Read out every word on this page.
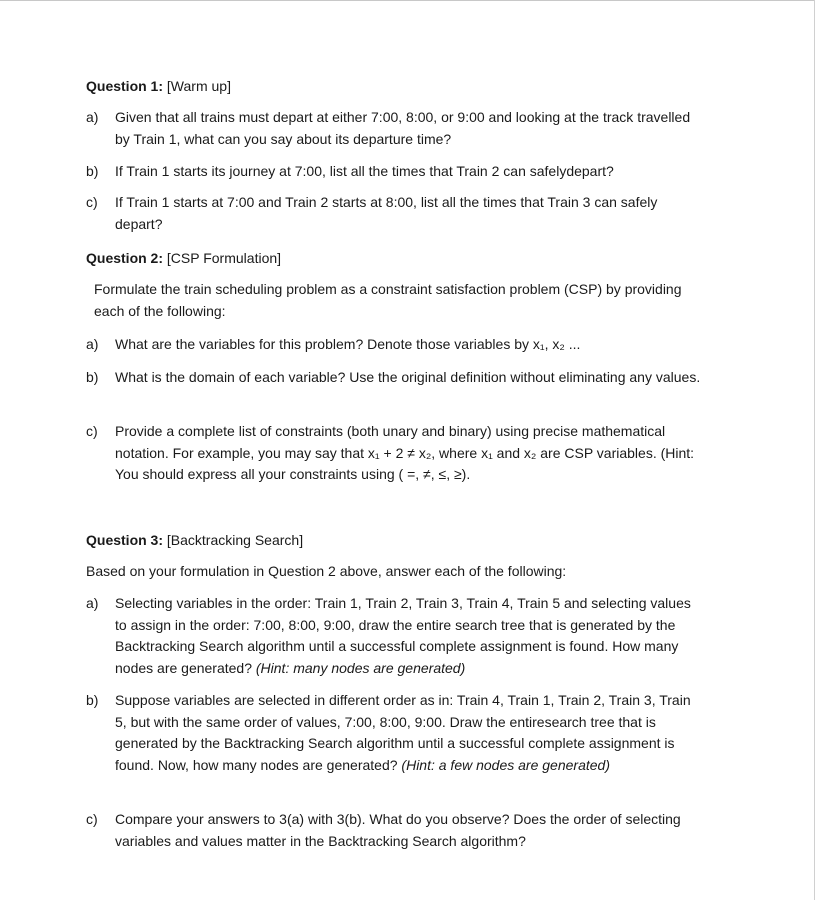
Question 1: [Warm up]
a) Given that all trains must depart at either 7:00, 8:00, or 9:00 and looking at the track travelled by Train 1, what can you say about its departure time?
b) If Train 1 starts its journey at 7:00, list all the times that Train 2 can safelydepart?
c) If Train 1 starts at 7:00 and Train 2 starts at 8:00, list all the times that Train 3 can safely depart?
Question 2: [CSP Formulation]
Formulate the train scheduling problem as a constraint satisfaction problem (CSP) by providing each of the following:
a) What are the variables for this problem? Denote those variables by x₁, x₂ ...
b) What is the domain of each variable? Use the original definition without eliminating any values.
c) Provide a complete list of constraints (both unary and binary) using precise mathematical notation. For example, you may say that x₁ + 2 ≠ x₂, where x₁ and x₂ are CSP variables. (Hint: You should express all your constraints using ( =, ≠, ≤, ≥).
Question 3: [Backtracking Search]
Based on your formulation in Question 2 above, answer each of the following:
a) Selecting variables in the order: Train 1, Train 2, Train 3, Train 4, Train 5 and selecting values to assign in the order: 7:00, 8:00, 9:00, draw the entire search tree that is generated by the Backtracking Search algorithm until a successful complete assignment is found. How many nodes are generated? (Hint: many nodes are generated)
b) Suppose variables are selected in different order as in: Train 4, Train 1, Train 2, Train 3, Train 5, but with the same order of values, 7:00, 8:00, 9:00. Draw the entiresearch tree that is generated by the Backtracking Search algorithm until a successful complete assignment is found. Now, how many nodes are generated? (Hint: a few nodes are generated)
c) Compare your answers to 3(a) with 3(b). What do you observe? Does the order of selecting variables and values matter in the Backtracking Search algorithm?
